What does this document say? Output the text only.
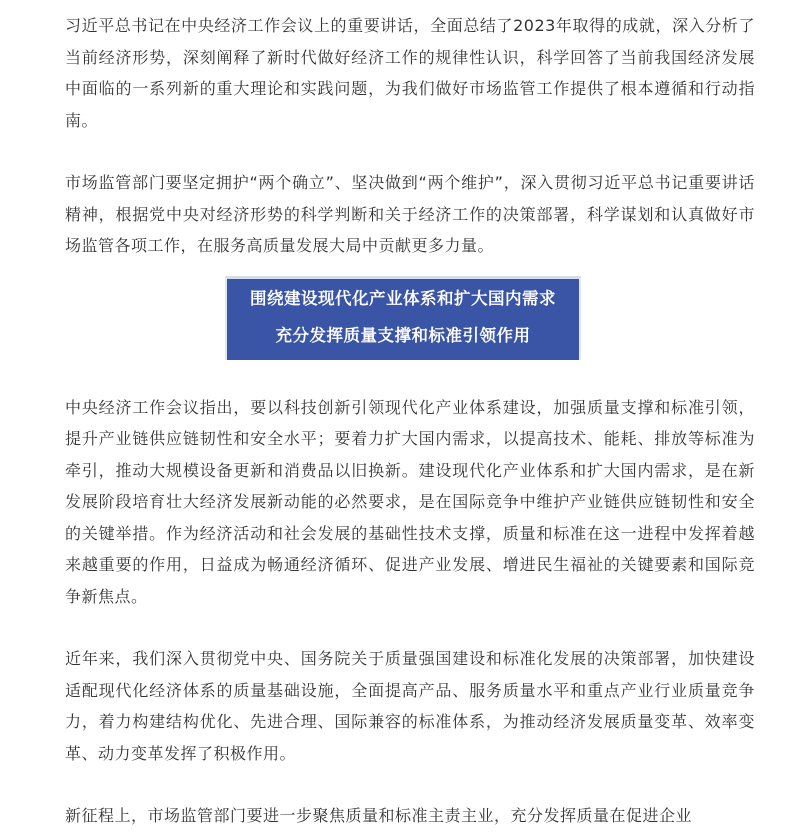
习近平总书记在中央经济工作会议上的重要讲话，全面总结了2023年取得的成就，深入分析了当前经济形势，深刻阐释了新时代做好经济工作的规律性认识，科学回答了当前我国经济发展中面临的一系列新的重大理论和实践问题，为我们做好市场监管工作提供了根本遵循和行动指南。

市场监管部门要坚定拥护“两个确立”、坚决做到“两个维护”，深入贯彻习近平总书记重要讲话精神，根据党中央对经济形势的科学判断和关于经济工作的决策部署，科学谋划和认真做好市场监管各项工作，在服务高质量发展大局中贡献更多力量。

围绕建设现代化产业体系和扩大国内需求
充分发挥质量支撑和标准引领作用

中央经济工作会议指出，要以科技创新引领现代化产业体系建设，加强质量支撑和标准引领，提升产业链供应链韧性和安全水平；要着力扩大国内需求，以提高技术、能耗、排放等标准为牵引，推动大规模设备更新和消费品以旧换新。建设现代化产业体系和扩大国内需求，是在新发展阶段培育壮大经济发展新动能的必然要求，是在国际竞争中维护产业链供应链韧性和安全的关键举措。作为经济活动和社会发展的基础性技术支撑，质量和标准在这一进程中发挥着越来越重要的作用，日益成为畅通经济循环、促进产业发展、增进民生福祉的关键要素和国际竞争新焦点。

近年来，我们深入贯彻党中央、国务院关于质量强国建设和标准化发展的决策部署，加快建设适配现代化经济体系的质量基础设施，全面提高产品、服务质量水平和重点产业行业质量竞争力，着力构建结构优化、先进合理、国际兼容的标准体系，为推动经济发展质量变革、效率变革、动力变革发挥了积极作用。

新征程上，市场监管部门要进一步聚焦质量和标准主责主业，充分发挥质量在促进企业
